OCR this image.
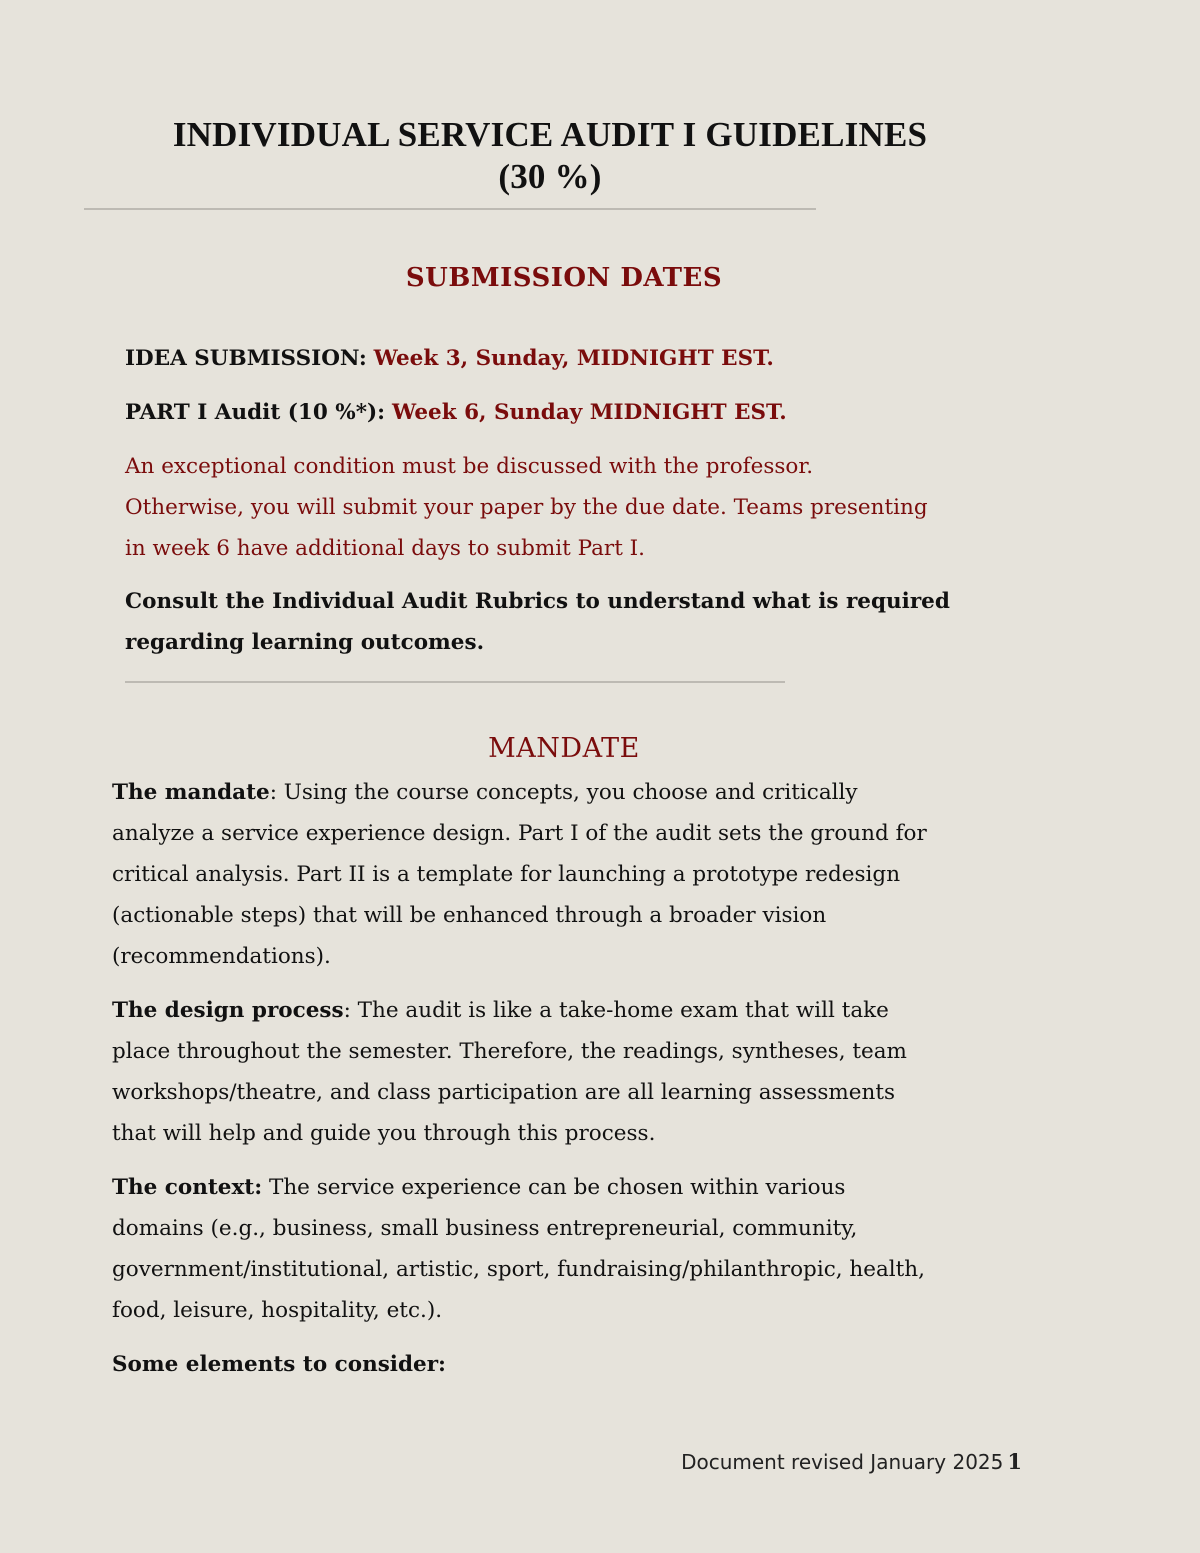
INDIVIDUAL SERVICE AUDIT I GUIDELINES
(30 %)
SUBMISSION DATES
IDEA SUBMISSION: Week 3, Sunday, MIDNIGHT EST.
PART I Audit (10 %*): Week 6, Sunday MIDNIGHT EST.
An exceptional condition must be discussed with the professor.
Otherwise, you will submit your paper by the due date. Teams presenting
in week 6 have additional days to submit Part I.
Consult the Individual Audit Rubrics to understand what is required
regarding learning outcomes.
MANDATE
The mandate: Using the course concepts, you choose and critically
analyze a service experience design. Part I of the audit sets the ground for
critical analysis. Part II is a template for launching a prototype redesign
(actionable steps) that will be enhanced through a broader vision
(recommendations).
The design process: The audit is like a take-home exam that will take
place throughout the semester. Therefore, the readings, syntheses, team
workshops/theatre, and class participation are all learning assessments
that will help and guide you through this process.
The context: The service experience can be chosen within various
domains (e.g., business, small business entrepreneurial, community,
government/institutional, artistic, sport, fundraising/philanthropic, health,
food, leisure, hospitality, etc.).
Some elements to consider:
Document revised January 2025 1
